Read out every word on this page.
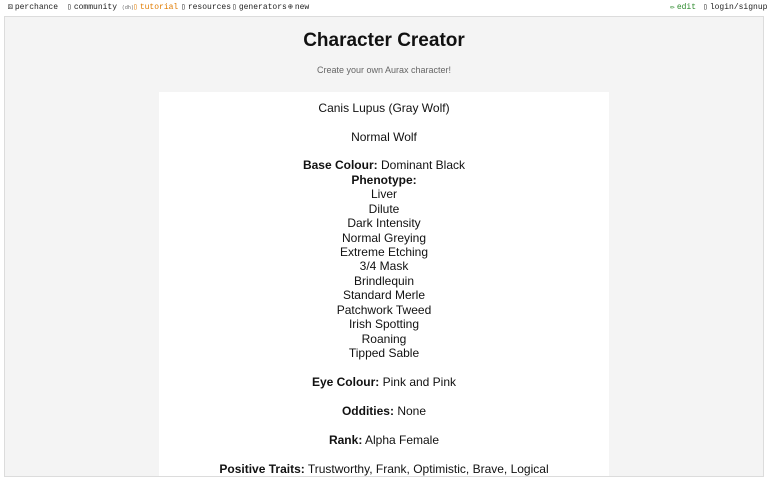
⚄ perchance ▯ community (dh) ▯ tutorial ▯ resources ▯ generators ⊕ new	✏ edit ▯ login/signup
Character Creator
Create your own Aurax character!
Canis Lupus (Gray Wolf)
Normal Wolf
Base Colour: Dominant Black
Phenotype:
Liver
Dilute
Dark Intensity
Normal Greying
Extreme Etching
3/4 Mask
Brindlequin
Standard Merle
Patchwork Tweed
Irish Spotting
Roaning
Tipped Sable
Eye Colour: Pink and Pink
Oddities: None
Rank: Alpha Female
Positive Traits: Trustworthy, Frank, Optimistic, Brave, Logical
